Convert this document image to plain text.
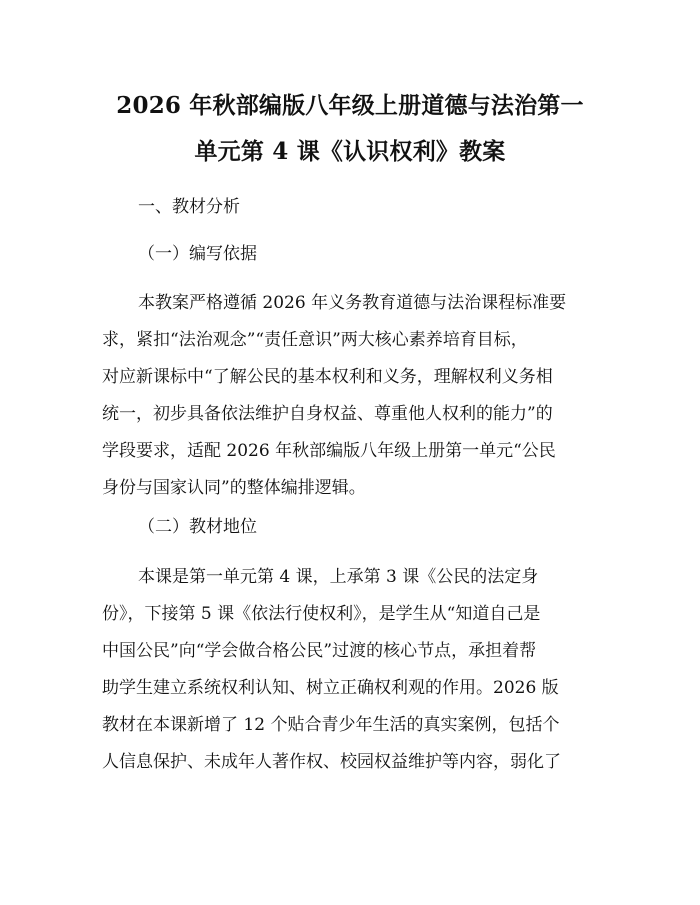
2026 年秋部编版八年级上册道德与法治第一
单元第 4 课《认识权利》教案
一、教材分析
（一）编写依据
本教案严格遵循 2026 年义务教育道德与法治课程标准要
求，紧扣“法治观念”“责任意识”两大核心素养培育目标，
对应新课标中“了解公民的基本权利和义务，理解权利义务相
统一，初步具备依法维护自身权益、尊重他人权利的能力”的
学段要求，适配 2026 年秋部编版八年级上册第一单元“公民
身份与国家认同”的整体编排逻辑。
（二）教材地位
本课是第一单元第 4 课，上承第 3 课《公民的法定身
份》，下接第 5 课《依法行使权利》，是学生从“知道自己是
中国公民”向“学会做合格公民”过渡的核心节点，承担着帮
助学生建立系统权利认知、树立正确权利观的作用。2026 版
教材在本课新增了 12 个贴合青少年生活的真实案例，包括个
人信息保护、未成年人著作权、校园权益维护等内容，弱化了
